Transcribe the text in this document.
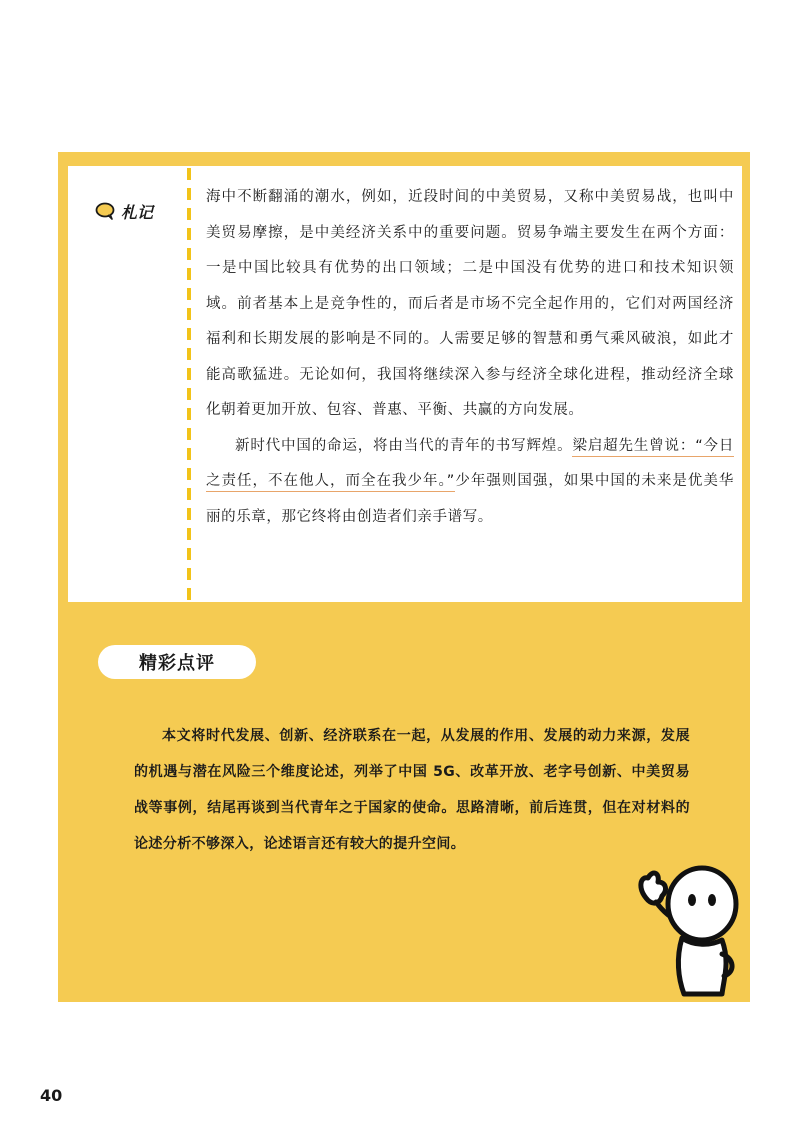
札记

海中不断翻涌的潮水，例如，近段时间的中美贸易，又称中美贸易战，也叫中美贸易摩擦，是中美经济关系中的重要问题。贸易争端主要发生在两个方面：一是中国比较具有优势的出口领域；二是中国没有优势的进口和技术知识领域。前者基本上是竞争性的，而后者是市场不完全起作用的，它们对两国经济福利和长期发展的影响是不同的。人需要足够的智慧和勇气乘风破浪，如此才能高歌猛进。无论如何，我国将继续深入参与经济全球化进程，推动经济全球化朝着更加开放、包容、普惠、平衡、共赢的方向发展。

新时代中国的命运，将由当代的青年的书写辉煌。梁启超先生曾说：“今日之责任，不在他人，而全在我少年。”少年强则国强，如果中国的未来是优美华丽的乐章，那它终将由创造者们亲手谱写。

精彩点评

本文将时代发展、创新、经济联系在一起，从发展的作用、发展的动力来源，发展的机遇与潜在风险三个维度论述，列举了中国 5G、改革开放、老字号创新、中美贸易战等事例，结尾再谈到当代青年之于国家的使命。思路清晰，前后连贯，但在对材料的论述分析不够深入，论述语言还有较大的提升空间。

40
